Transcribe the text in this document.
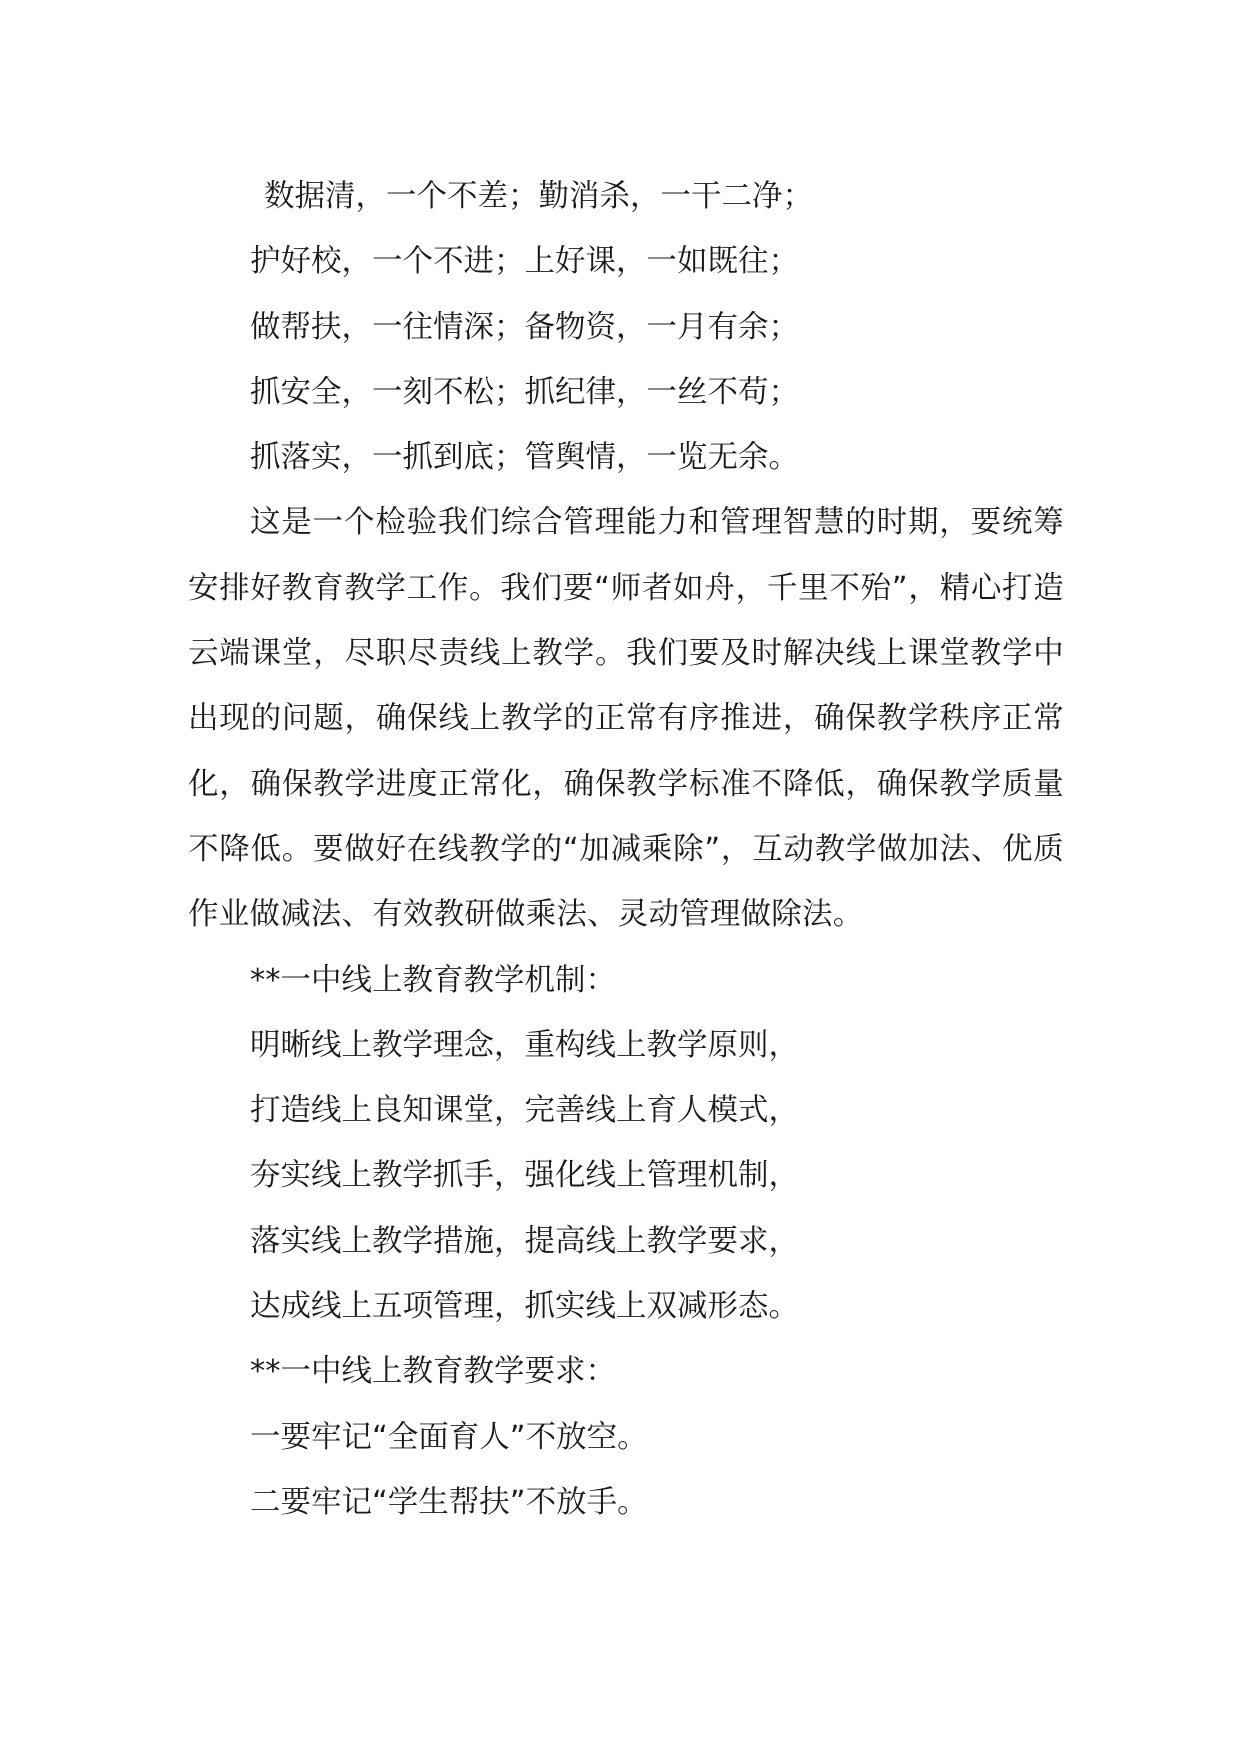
数据清，一个不差；勤消杀，一干二净；

护好校，一个不进；上好课，一如既往；

做帮扶，一往情深；备物资，一月有余；

抓安全，一刻不松；抓纪律，一丝不苟；

抓落实，一抓到底；管舆情，一览无余。

这是一个检验我们综合管理能力和管理智慧的时期，要统筹安排好教育教学工作。我们要“师者如舟，千里不殆”，精心打造云端课堂，尽职尽责线上教学。我们要及时解决线上课堂教学中出现的问题，确保线上教学的正常有序推进，确保教学秩序正常化，确保教学进度正常化，确保教学标准不降低，确保教学质量不降低。要做好在线教学的“加减乘除”，互动教学做加法、优质作业做减法、有效教研做乘法、灵动管理做除法。

**一中线上教育教学机制：

明晰线上教学理念，重构线上教学原则，

打造线上良知课堂，完善线上育人模式，

夯实线上教学抓手，强化线上管理机制，

落实线上教学措施，提高线上教学要求，

达成线上五项管理，抓实线上双减形态。

**一中线上教育教学要求：

一要牢记“全面育人”不放空。

二要牢记“学生帮扶”不放手。
